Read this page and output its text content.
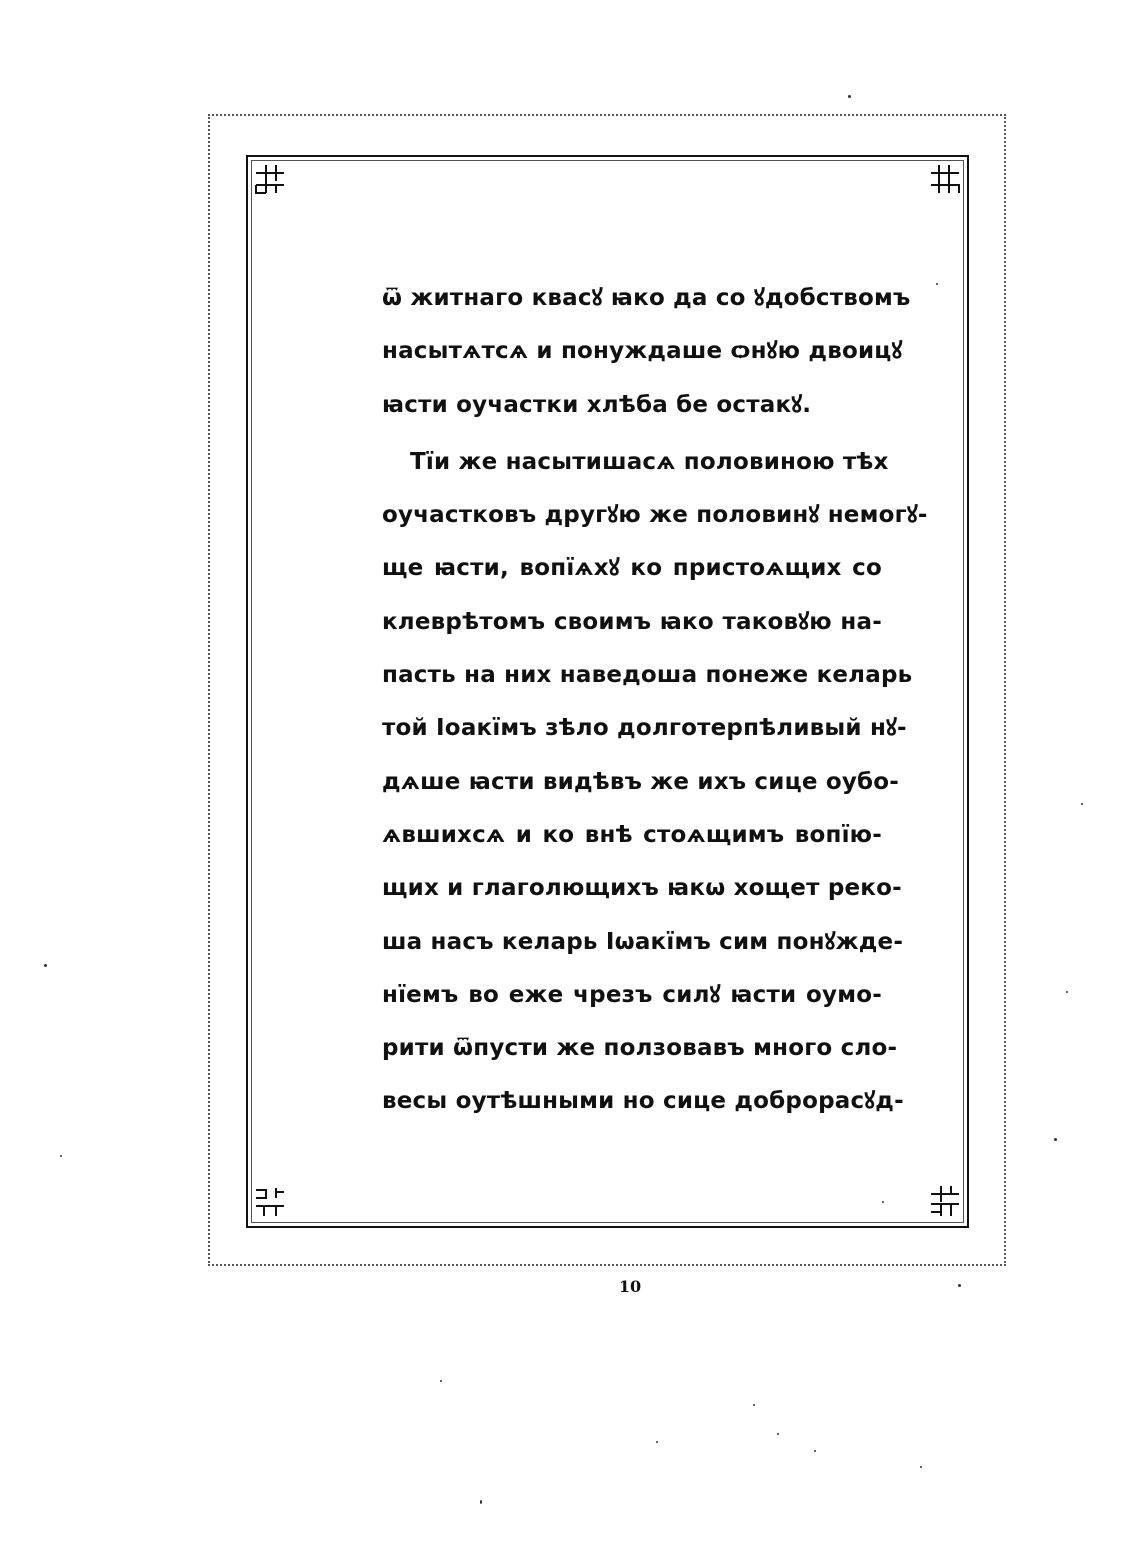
ѿ житнаго квасꙋ ꙗко да со ꙋдобствомъ
насытѧтсѧ и понуждаше ѻнꙋю двоицꙋ
ꙗсти оучастки хлѣба бе остакꙋ.
Тїи же насытишасѧ половиною тѣх
оучастковъ другꙋю же половинꙋ немогꙋ-
ще ꙗсти, вопїѧхꙋ ко пристоѧщих со
клеврѣтомъ своимъ ꙗко таковꙋю на-
пасть на них наведоша понеже келарь
той Іоакїмъ зѣло долготерпѣливый нꙋ-
дѧше ꙗсти видѣвъ же ихъ сице оубо-
ѧвшихсѧ и ко внѣ стоѧщимъ вопїю-
щих и глаголющихъ ꙗкѡ хощет реко-
ша насъ келарь Іѡакїмъ сим понꙋжде-
нїемъ во еже чрезъ силꙋ ꙗсти оумо-
рити ѿпусти же ползовавъ много сло-
весы оутѣшными но сице доброрасꙋд-
10
